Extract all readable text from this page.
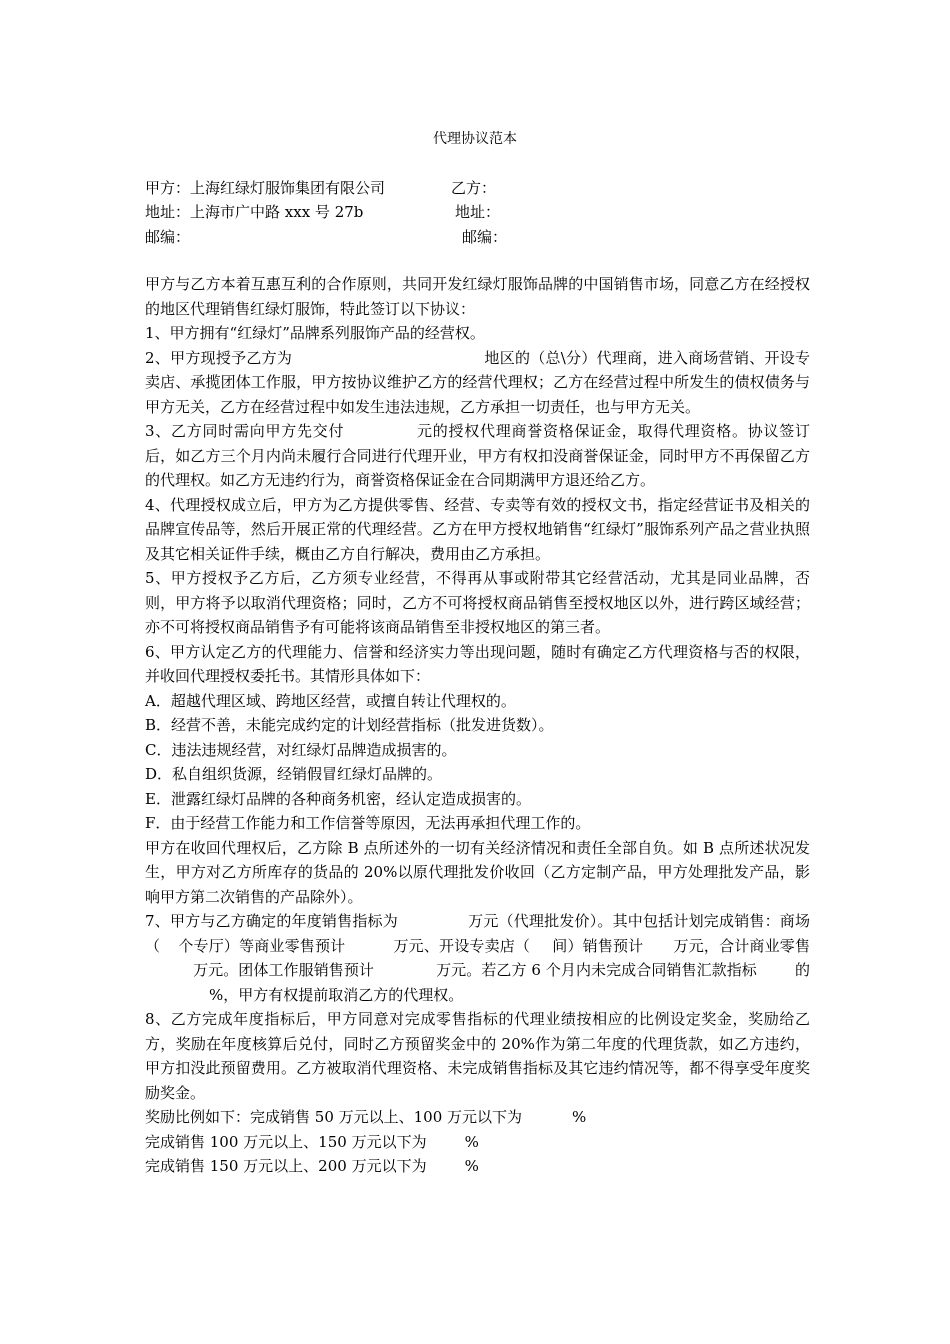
代理协议范本
甲方：上海红绿灯服饰集团有限公司	乙方：
地址：上海市广中路 xxx 号 27b	地址：
邮编：	邮编：

甲方与乙方本着互惠互利的合作原则，共同开发红绿灯服饰品牌的中国销售市场，同意乙方在经授权的地区代理销售红绿灯服饰，特此签订以下协议：

1、甲方拥有“红绿灯”品牌系列服饰产品的经营权。

2、甲方现授予乙方为	地区的（总\分）代理商，进入商场营销、开设专卖店、承揽团体工作服，甲方按协议维护乙方的经营代理权；乙方在经营过程中所发生的债权债务与甲方无关，乙方在经营过程中如发生违法违规，乙方承担一切责任，也与甲方无关。

3、乙方同时需向甲方先交付	元的授权代理商誉资格保证金，取得代理资格。协议签订后，如乙方三个月内尚未履行合同进行代理开业，甲方有权扣没商誉保证金，同时甲方不再保留乙方的代理权。如乙方无违约行为，商誉资格保证金在合同期满甲方退还给乙方。

4、代理授权成立后，甲方为乙方提供零售、经营、专卖等有效的授权文书，指定经营证书及相关的品牌宣传品等，然后开展正常的代理经营。乙方在甲方授权地销售“红绿灯”服饰系列产品之营业执照及其它相关证件手续，概由乙方自行解决，费用由乙方承担。

5、甲方授权予乙方后，乙方须专业经营，不得再从事或附带其它经营活动，尤其是同业品牌，否则，甲方将予以取消代理资格；同时，乙方不可将授权商品销售至授权地区以外，进行跨区域经营；亦不可将授权商品销售予有可能将该商品销售至非授权地区的第三者。

6、甲方认定乙方的代理能力、信誉和经济实力等出现问题，随时有确定乙方代理资格与否的权限，并收回代理授权委托书。其情形具体如下：

A．超越代理区域、跨地区经营，或擅自转让代理权的。

B．经营不善，未能完成约定的计划经营指标（批发进货数）。

C．违法违规经营，对红绿灯品牌造成损害的。

D．私自组织货源，经销假冒红绿灯品牌的。

E．泄露红绿灯品牌的各种商务机密，经认定造成损害的。

F．由于经营工作能力和工作信誉等原因，无法再承担代理工作的。

甲方在收回代理权后，乙方除 B 点所述外的一切有关经济情况和责任全部自负。如 B 点所述状况发生，甲方对乙方所库存的货品的 20%以原代理批发价收回（乙方定制产品，甲方处理批发产品，影响甲方第二次销售的产品除外）。

7、甲方与乙方确定的年度销售指标为	万元（代理批发价）。其中包括计划完成销售：商场（ 个专厅）等商业零售预计	万元、开设专卖店（ 间）销售预计 万元，合计商业零售万元。团体工作服销售预计	万元。若乙方 6 个月内未完成合同销售汇款指标	的%，甲方有权提前取消乙方的代理权。

8、乙方完成年度指标后，甲方同意对完成零售指标的代理业绩按相应的比例设定奖金，奖励给乙方，奖励在年度核算后兑付，同时乙方预留奖金中的 20%作为第二年度的代理货款，如乙方违约，甲方扣没此预留费用。乙方被取消代理资格、未完成销售指标及其它违约情况等，都不得享受年度奖励奖金。

奖励比例如下：完成销售 50 万元以上、100 万元以下为	%

完成销售 100 万元以上、150 万元以下为	%

完成销售 150 万元以上、200 万元以下为	%
